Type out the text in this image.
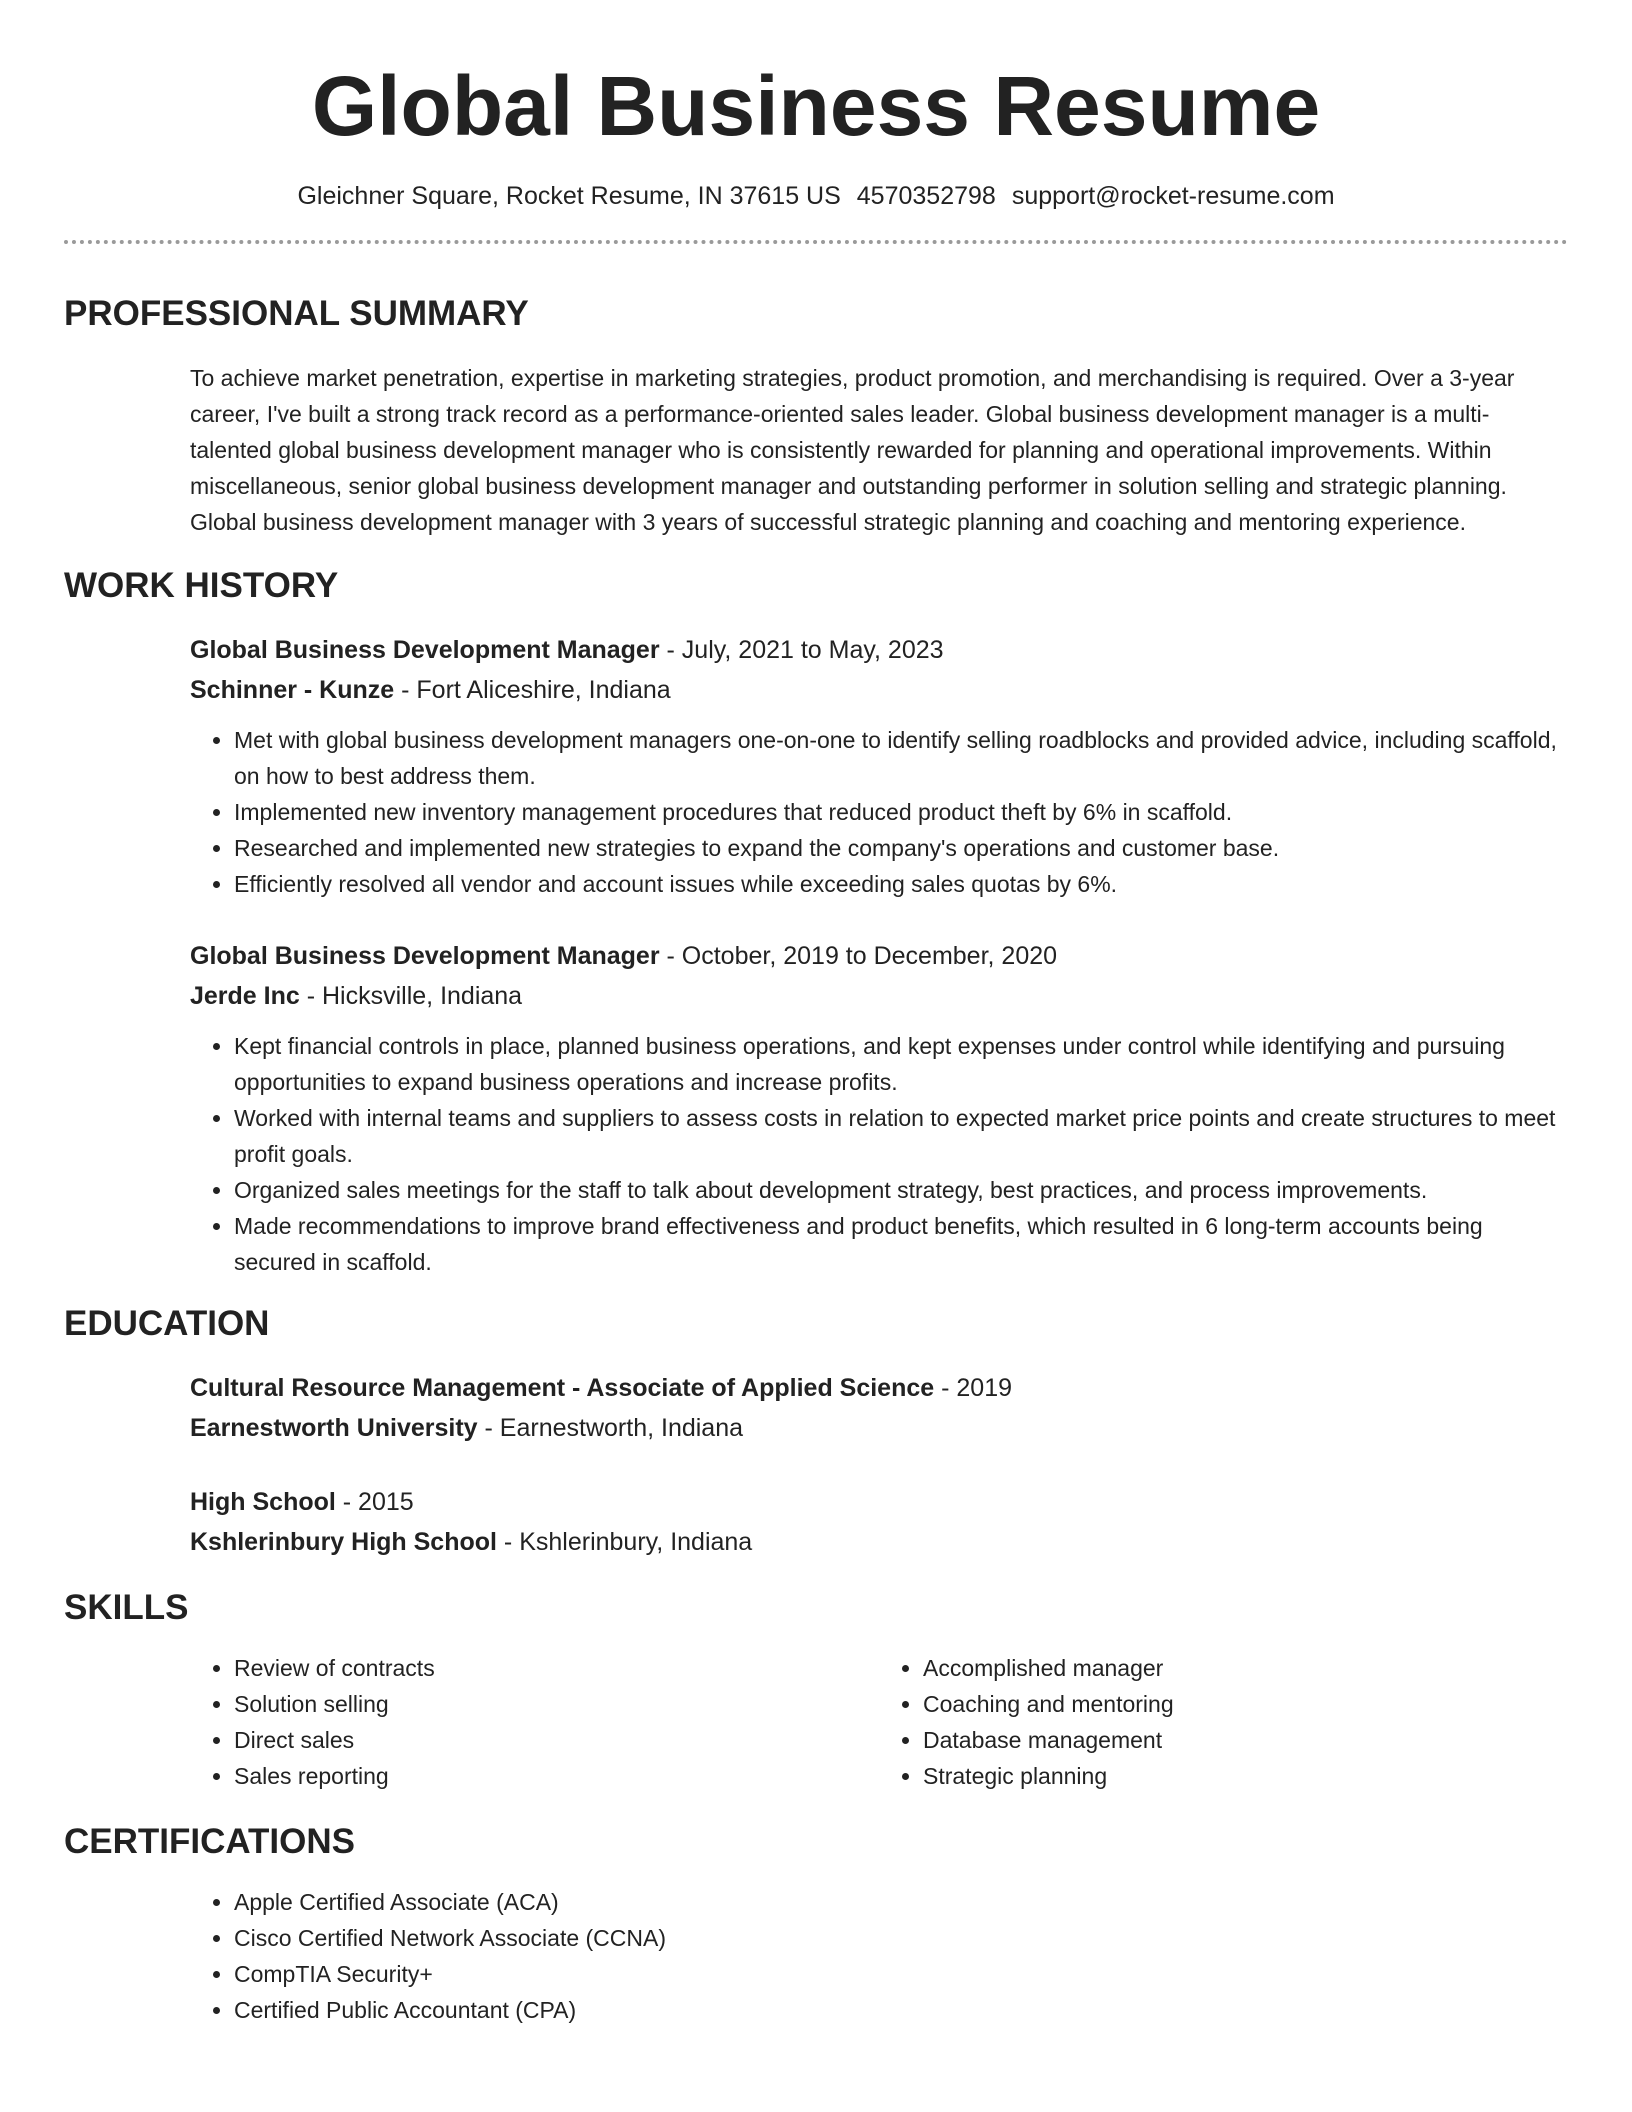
Global Business Resume
Gleichner Square, Rocket Resume, IN 37615 US 4570352798 support@rocket-resume.com
PROFESSIONAL SUMMARY
To achieve market penetration, expertise in marketing strategies, product promotion, and merchandising is required. Over a 3-year career, I've built a strong track record as a performance-oriented sales leader. Global business development manager is a multi-talented global business development manager who is consistently rewarded for planning and operational improvements. Within miscellaneous, senior global business development manager and outstanding performer in solution selling and strategic planning. Global business development manager with 3 years of successful strategic planning and coaching and mentoring experience.
WORK HISTORY
Global Business Development Manager - July, 2021 to May, 2023
Schinner - Kunze - Fort Aliceshire, Indiana
• Met with global business development managers one-on-one to identify selling roadblocks and provided advice, including scaffold, on how to best address them.
• Implemented new inventory management procedures that reduced product theft by 6% in scaffold.
• Researched and implemented new strategies to expand the company's operations and customer base.
• Efficiently resolved all vendor and account issues while exceeding sales quotas by 6%.
Global Business Development Manager - October, 2019 to December, 2020
Jerde Inc - Hicksville, Indiana
• Kept financial controls in place, planned business operations, and kept expenses under control while identifying and pursuing opportunities to expand business operations and increase profits.
• Worked with internal teams and suppliers to assess costs in relation to expected market price points and create structures to meet profit goals.
• Organized sales meetings for the staff to talk about development strategy, best practices, and process improvements.
• Made recommendations to improve brand effectiveness and product benefits, which resulted in 6 long-term accounts being secured in scaffold.
EDUCATION
Cultural Resource Management - Associate of Applied Science - 2019
Earnestworth University - Earnestworth, Indiana
High School - 2015
Kshlerinbury High School - Kshlerinbury, Indiana
SKILLS
• Review of contracts
• Solution selling
• Direct sales
• Sales reporting
• Accomplished manager
• Coaching and mentoring
• Database management
• Strategic planning
CERTIFICATIONS
• Apple Certified Associate (ACA)
• Cisco Certified Network Associate (CCNA)
• CompTIA Security+
• Certified Public Accountant (CPA)
